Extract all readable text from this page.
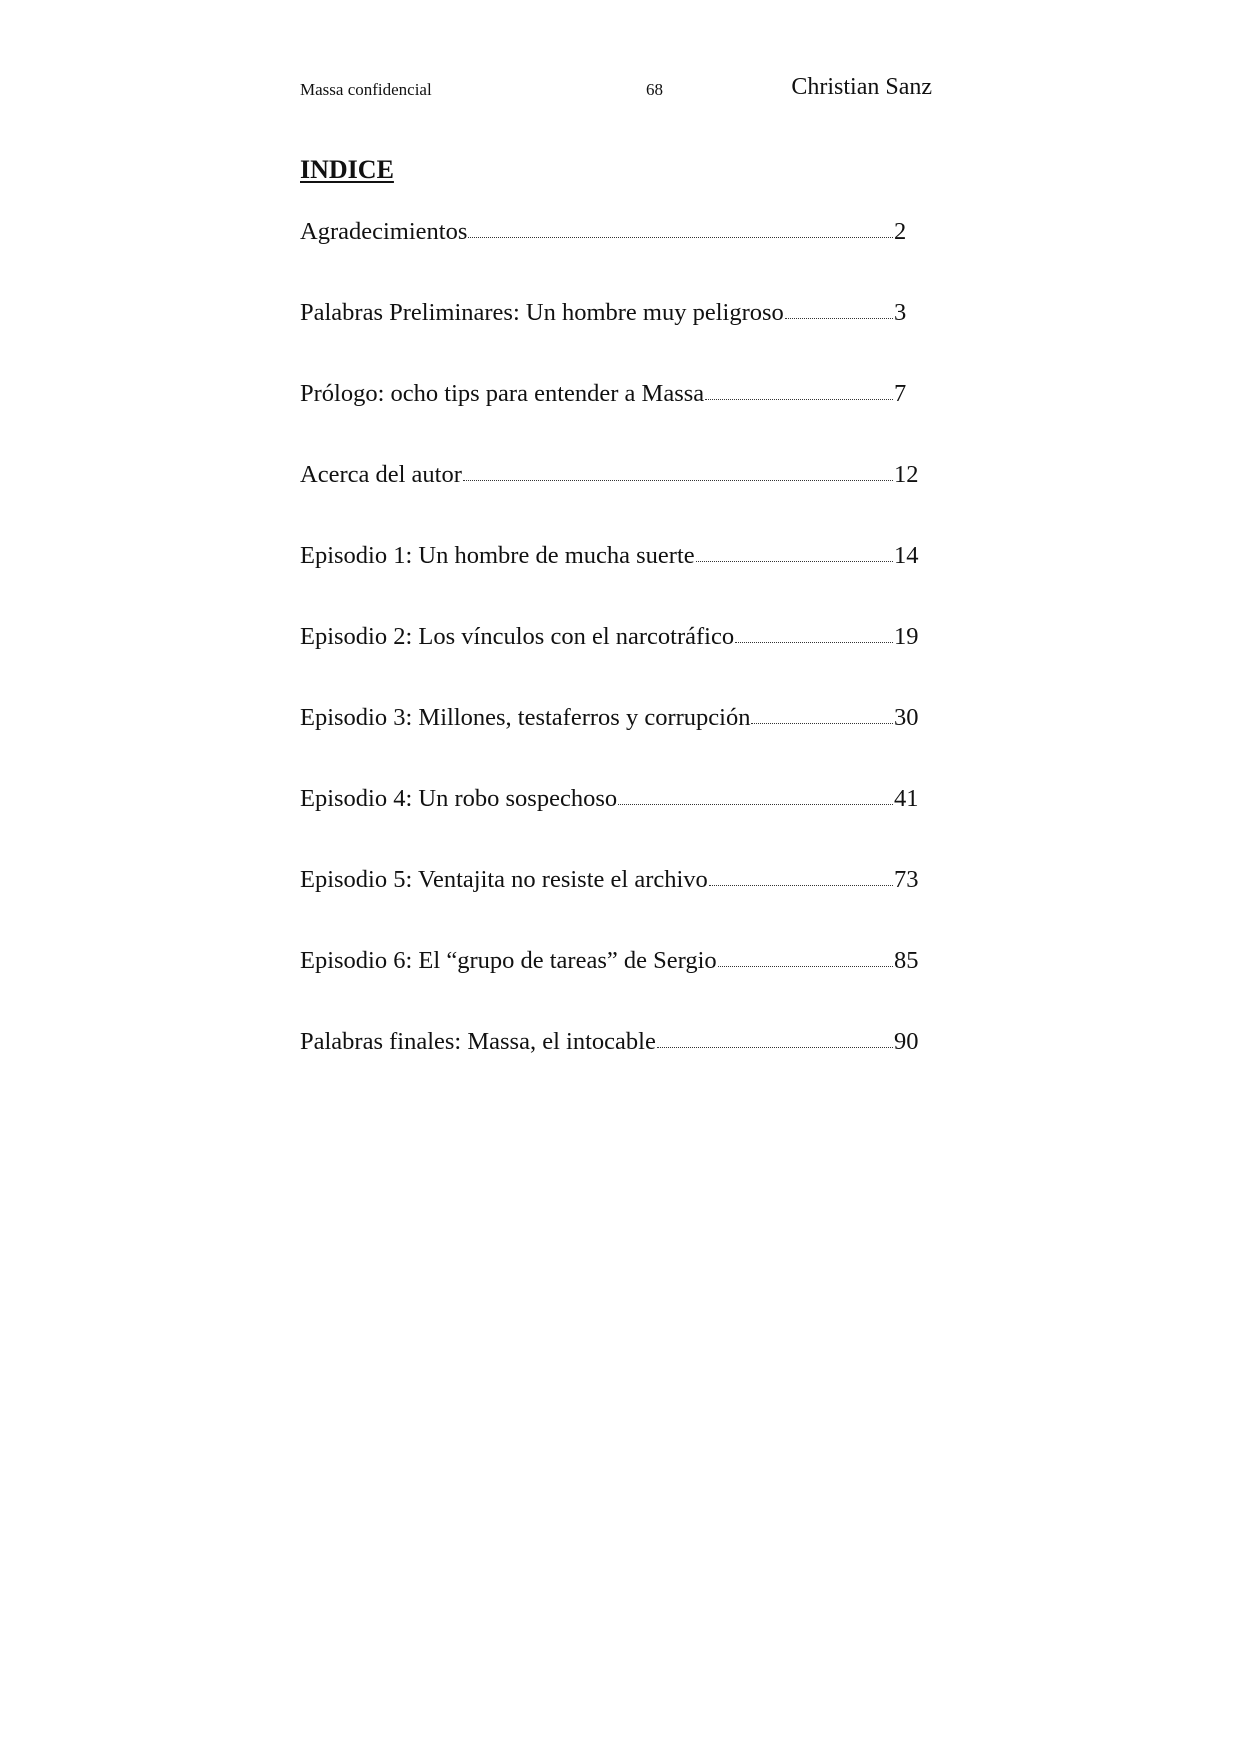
Massa confidencial	68	Christian Sanz
INDICE
Agradecimientos	2
Palabras Preliminares: Un hombre muy peligroso	3
Prólogo: ocho tips para entender a Massa	7
Acerca del autor	12
Episodio 1: Un hombre de mucha suerte	14
Episodio 2: Los vínculos con el narcotráfico	19
Episodio 3: Millones, testaferros y corrupción	30
Episodio 4: Un robo sospechoso	41
Episodio 5: Ventajita no resiste el archivo	73
Episodio 6: El “grupo de tareas” de Sergio	85
Palabras finales: Massa, el intocable	90
